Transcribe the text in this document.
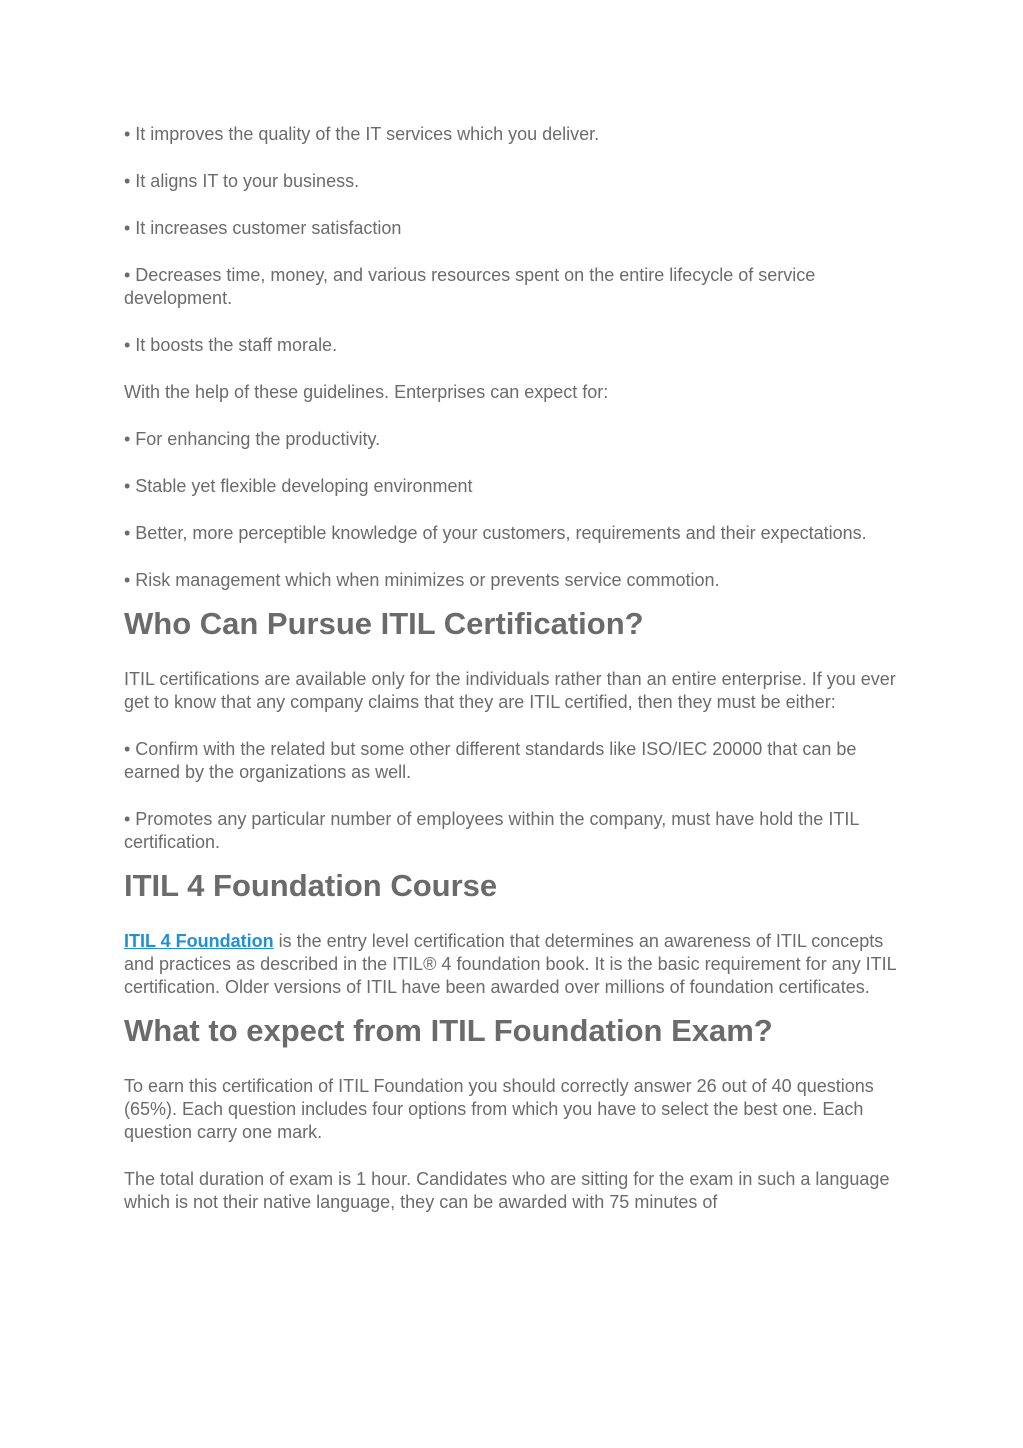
• It improves the quality of the IT services which you deliver.

• It aligns IT to your business.

• It increases customer satisfaction

• Decreases time, money, and various resources spent on the entire lifecycle of service development.

• It boosts the staff morale.

With the help of these guidelines. Enterprises can expect for:

• For enhancing the productivity.

• Stable yet flexible developing environment

• Better, more perceptible knowledge of your customers, requirements and their expectations.

• Risk management which when minimizes or prevents service commotion.

Who Can Pursue ITIL Certification?

ITIL certifications are available only for the individuals rather than an entire enterprise. If you ever get to know that any company claims that they are ITIL certified, then they must be either:

• Confirm with the related but some other different standards like ISO/IEC 20000 that can be earned by the organizations as well.

• Promotes any particular number of employees within the company, must have hold the ITIL certification.

ITIL 4 Foundation Course

ITIL 4 Foundation is the entry level certification that determines an awareness of ITIL concepts and practices as described in the ITIL® 4 foundation book. It is the basic requirement for any ITIL certification. Older versions of ITIL have been awarded over millions of foundation certificates.

What to expect from ITIL Foundation Exam?

To earn this certification of ITIL Foundation you should correctly answer 26 out of 40 questions (65%). Each question includes four options from which you have to select the best one. Each question carry one mark.

The total duration of exam is 1 hour. Candidates who are sitting for the exam in such a language which is not their native language, they can be awarded with 75 minutes of
